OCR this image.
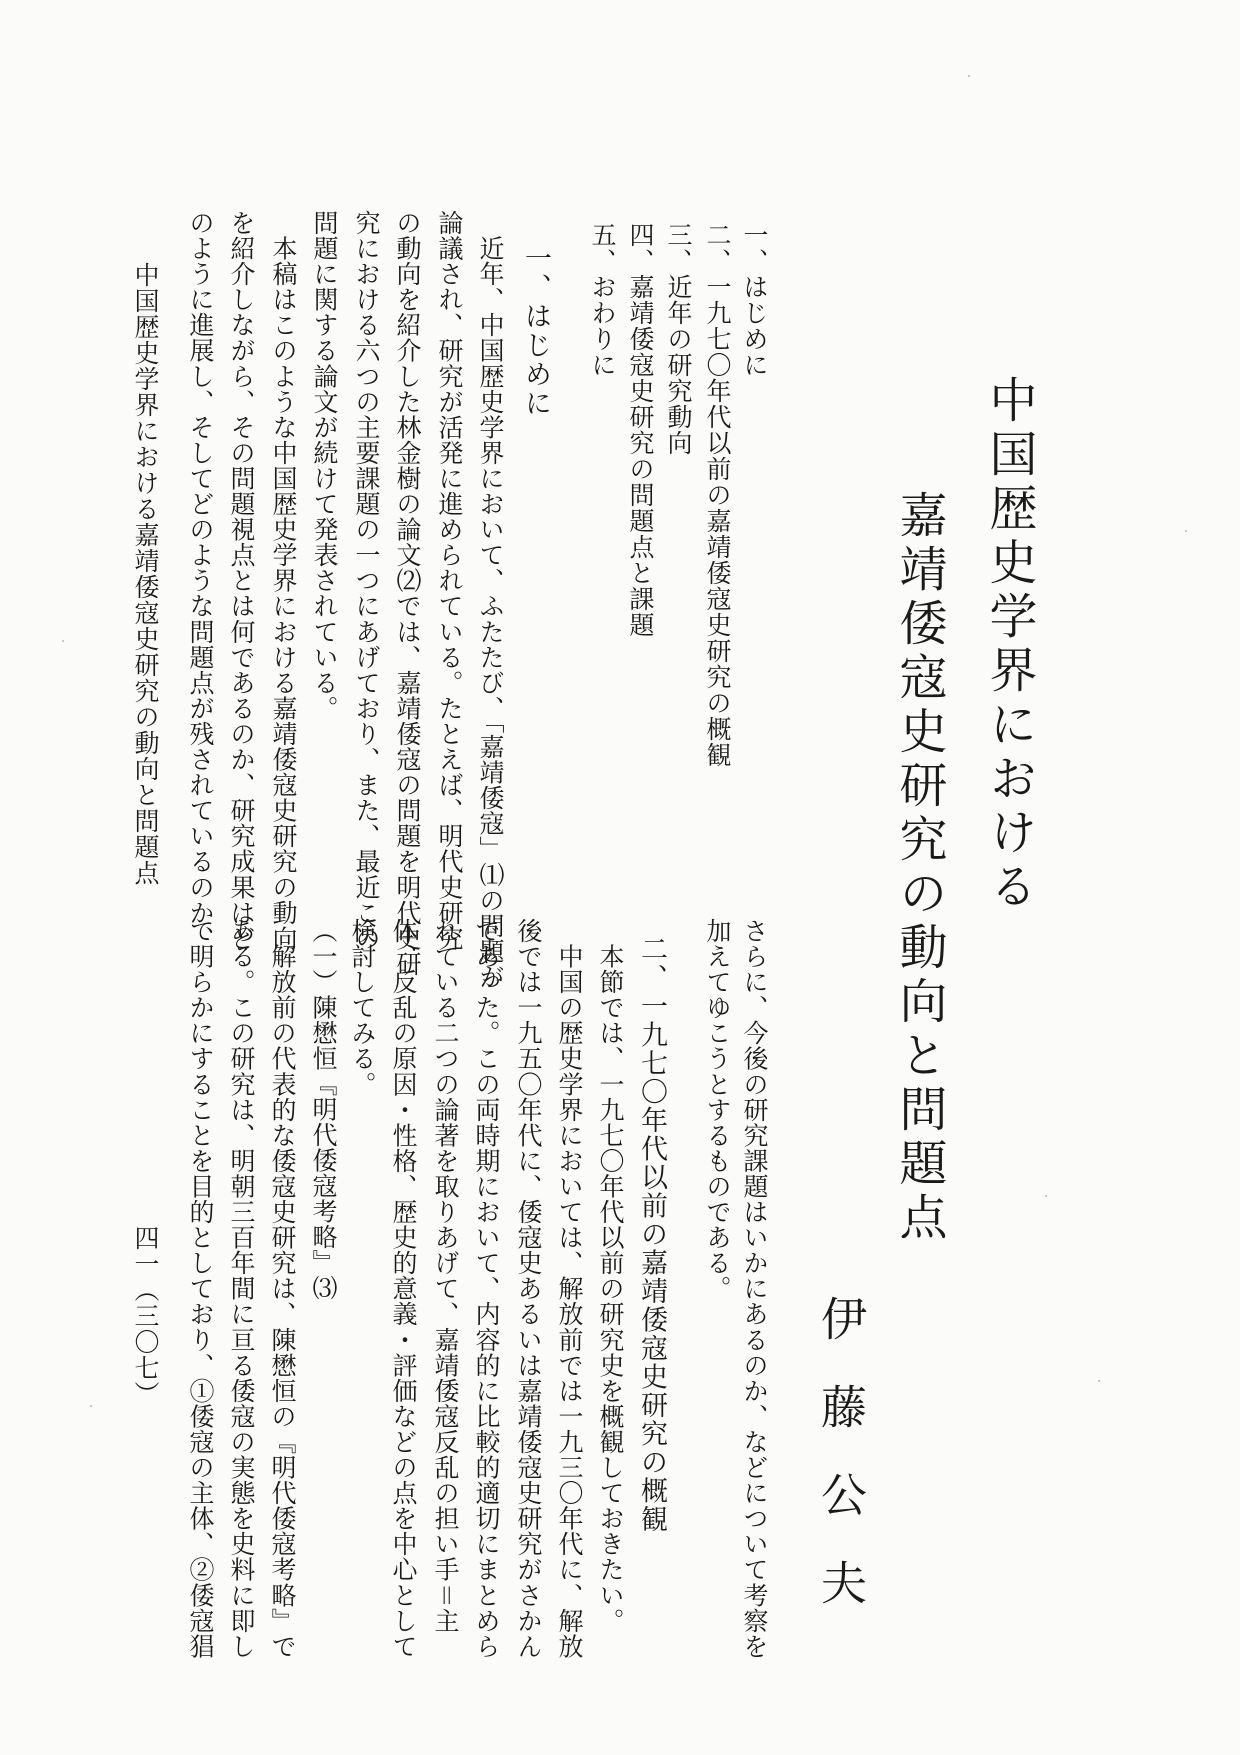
中国歴史学界における
嘉靖倭寇史研究の動向と問題点
伊藤公夫
一、はじめに
二、一九七〇年代以前の嘉靖倭寇史研究の概観
三、近年の研究動向
四、嘉靖倭寇史研究の問題点と課題
五、おわりに
一、はじめに
　近年、中国歴史学界において、ふたたび、「嘉靖倭寇」⑴の問題が
論議され、研究が活発に進められている。たとえば、明代史研究
の動向を紹介した林金樹の論文⑵では、嘉靖倭寇の問題を明代史研
究における六つの主要課題の一つにあげており、また、最近この
問題に関する論文が続けて発表されている。
　本稿はこのような中国歴史学界における嘉靖倭寇史研究の動向
を紹介しながら、その問題視点とは何であるのか、研究成果はど
のように進展し、そしてどのような問題点が残されているのか、
さらに、今後の研究課題はいかにあるのか、などについて考察を
加えてゆこうとするものである。
二、一九七〇年代以前の嘉靖倭寇史研究の概観
　本節では、一九七〇年代以前の研究史を概観しておきたい。
　中国の歴史学界においては、解放前では一九三〇年代に、解放
後では一九五〇年代に、倭寇史あるいは嘉靖倭寇史研究がさかん
であった。この両時期において、内容的に比較的適切にまとめら
れている二つの論著を取りあげて、嘉靖倭寇反乱の担い手＝主
体、反乱の原因・性格、歴史的意義・評価などの点を中心として
検討してみる。
（一）陳懋恒『明代倭寇考略』⑶
　解放前の代表的な倭寇史研究は、陳懋恒の『明代倭寇考略』で
ある。この研究は、明朝三百年間に亘る倭寇の実態を史料に即し
て明らかにすることを目的としており、①倭寇の主体、②倭寇猖
中国歴史学界における嘉靖倭寇史研究の動向と問題点
四一（三〇七）
